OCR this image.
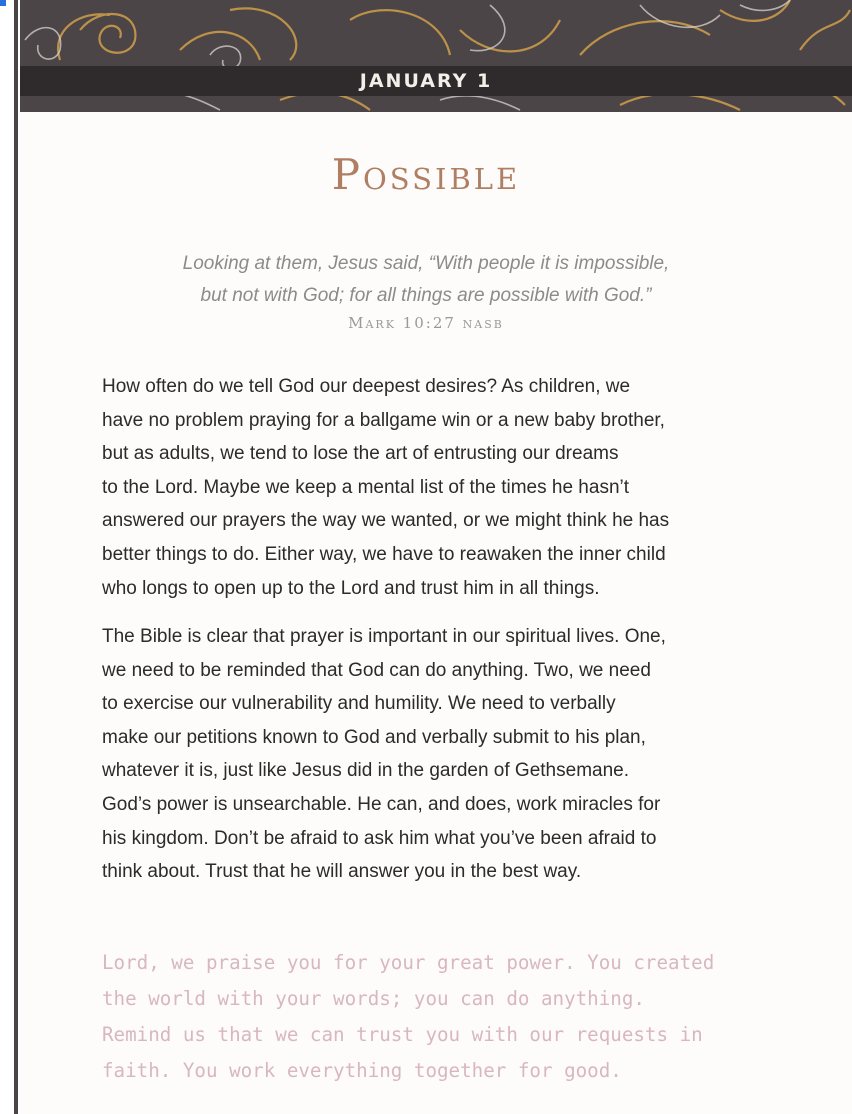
JANUARY 1
Possible
Looking at them, Jesus said, “With people it is impossible,
but not with God; for all things are possible with God.”
Mark 10:27 nasb
How often do we tell God our deepest desires? As children, we
have no problem praying for a ballgame win or a new baby brother,
but as adults, we tend to lose the art of entrusting our dreams
to the Lord. Maybe we keep a mental list of the times he hasn’t
answered our prayers the way we wanted, or we might think he has
better things to do. Either way, we have to reawaken the inner child
who longs to open up to the Lord and trust him in all things.
The Bible is clear that prayer is important in our spiritual lives. One,
we need to be reminded that God can do anything. Two, we need
to exercise our vulnerability and humility. We need to verbally
make our petitions known to God and verbally submit to his plan,
whatever it is, just like Jesus did in the garden of Gethsemane.
God’s power is unsearchable. He can, and does, work miracles for
his kingdom. Don’t be afraid to ask him what you’ve been afraid to
think about. Trust that he will answer you in the best way.
Lord, we praise you for your great power. You created
the world with your words; you can do anything.
Remind us that we can trust you with our requests in
faith. You work everything together for good.
